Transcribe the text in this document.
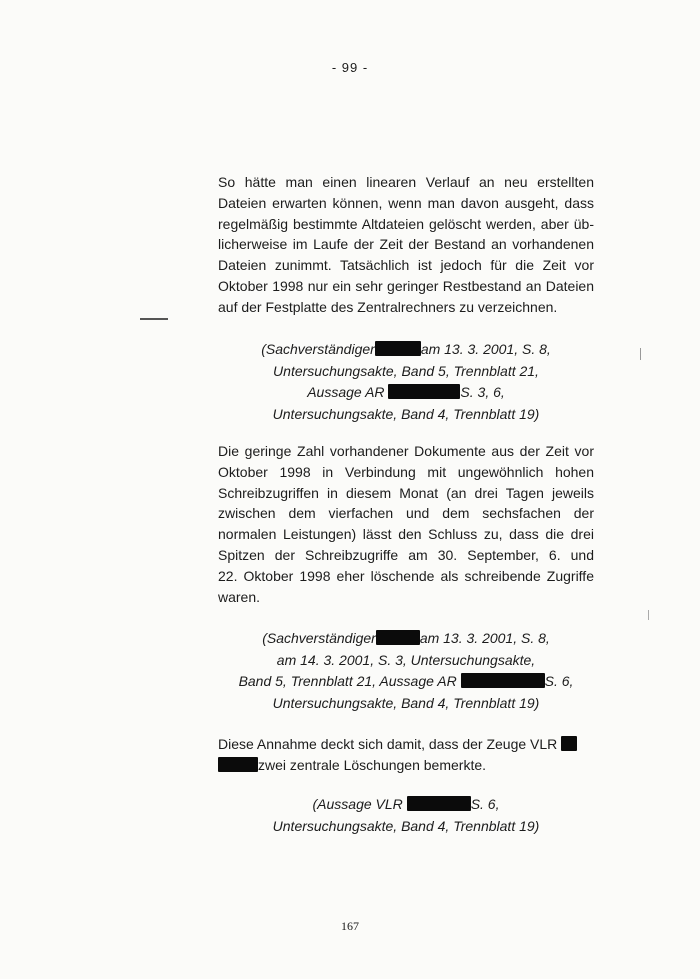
- 99 -
So hätte man einen linearen Verlauf an neu erstellten
Dateien erwarten können, wenn man davon ausgeht, dass
regelmäßig bestimmte Altdateien gelöscht werden, aber üb-
licherweise im Laufe der Zeit der Bestand an vorhandenen
Dateien zunimmt. Tatsächlich ist jedoch für die Zeit vor
Oktober 1998 nur ein sehr geringer Restbestand an Dateien
auf der Festplatte des Zentralrechners zu verzeichnen.
(Sachverständiger	am 13. 3. 2001, S. 8,
Untersuchungsakte, Band 5, Trennblatt 21,
Aussage AR	S. 3, 6,
Untersuchungsakte, Band 4, Trennblatt 19)
Die geringe Zahl vorhandener Dokumente aus der Zeit vor
Oktober 1998 in Verbindung mit ungewöhnlich hohen
Schreibzugriffen in diesem Monat (an drei Tagen jeweils
zwischen dem vierfachen und dem sechsfachen der
normalen Leistungen) lässt den Schluss zu, dass die drei
Spitzen der Schreibzugriffe am 30. September, 6. und
22. Oktober 1998 eher löschende als schreibende Zugriffe
waren.
(Sachverständiger	am 13. 3. 2001, S. 8,
am 14. 3. 2001, S. 3, Untersuchungsakte,
Band 5, Trennblatt 21, Aussage AR	S. 6,
Untersuchungsakte, Band 4, Trennblatt 19)
Diese Annahme deckt sich damit, dass der Zeuge VLR
zwei zentrale Löschungen bemerkte.
(Aussage VLR	S. 6,
Untersuchungsakte, Band 4, Trennblatt 19)
167
